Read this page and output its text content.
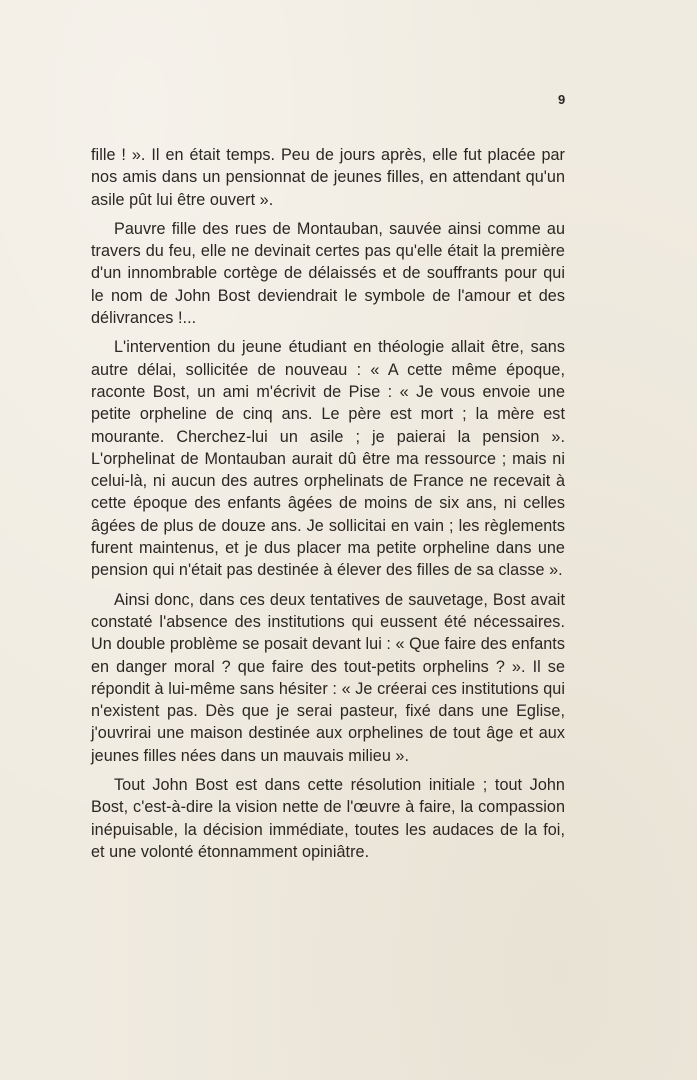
9

fille ! ». Il en était temps. Peu de jours après, elle fut placée par nos amis dans un pensionnat de jeunes filles, en attendant qu'un asile pût lui être ouvert ».

Pauvre fille des rues de Montauban, sauvée ainsi comme au travers du feu, elle ne devinait certes pas qu'elle était la première d'un innombrable cortège de délaissés et de souffrants pour qui le nom de John Bost deviendrait le symbole de l'amour et des délivrances !...

L'intervention du jeune étudiant en théologie allait être, sans autre délai, sollicitée de nouveau : « A cette même époque, raconte Bost, un ami m'écrivit de Pise : « Je vous envoie une petite orpheline de cinq ans. Le père est mort ; la mère est mourante. Cherchez-lui un asile ; je paierai la pension ». L'orphelinat de Montauban aurait dû être ma ressource ; mais ni celui-là, ni aucun des autres orphelinats de France ne recevait à cette époque des enfants âgées de moins de six ans, ni celles âgées de plus de douze ans. Je sollicitai en vain ; les règlements furent maintenus, et je dus placer ma petite orpheline dans une pension qui n'était pas destinée à élever des filles de sa classe ».

Ainsi donc, dans ces deux tentatives de sauvetage, Bost avait constaté l'absence des institutions qui eussent été nécessaires. Un double problème se posait devant lui : « Que faire des enfants en danger moral ? que faire des tout-petits orphelins ? ». Il se répondit à lui-même sans hésiter : « Je créerai ces institutions qui n'existent pas. Dès que je serai pasteur, fixé dans une Eglise, j'ouvrirai une maison destinée aux orphelines de tout âge et aux jeunes filles nées dans un mauvais milieu ».

Tout John Bost est dans cette résolution initiale ; tout John Bost, c'est-à-dire la vision nette de l'œuvre à faire, la compassion inépuisable, la décision immédiate, toutes les audaces de la foi, et une volonté étonnamment opiniâtre.
